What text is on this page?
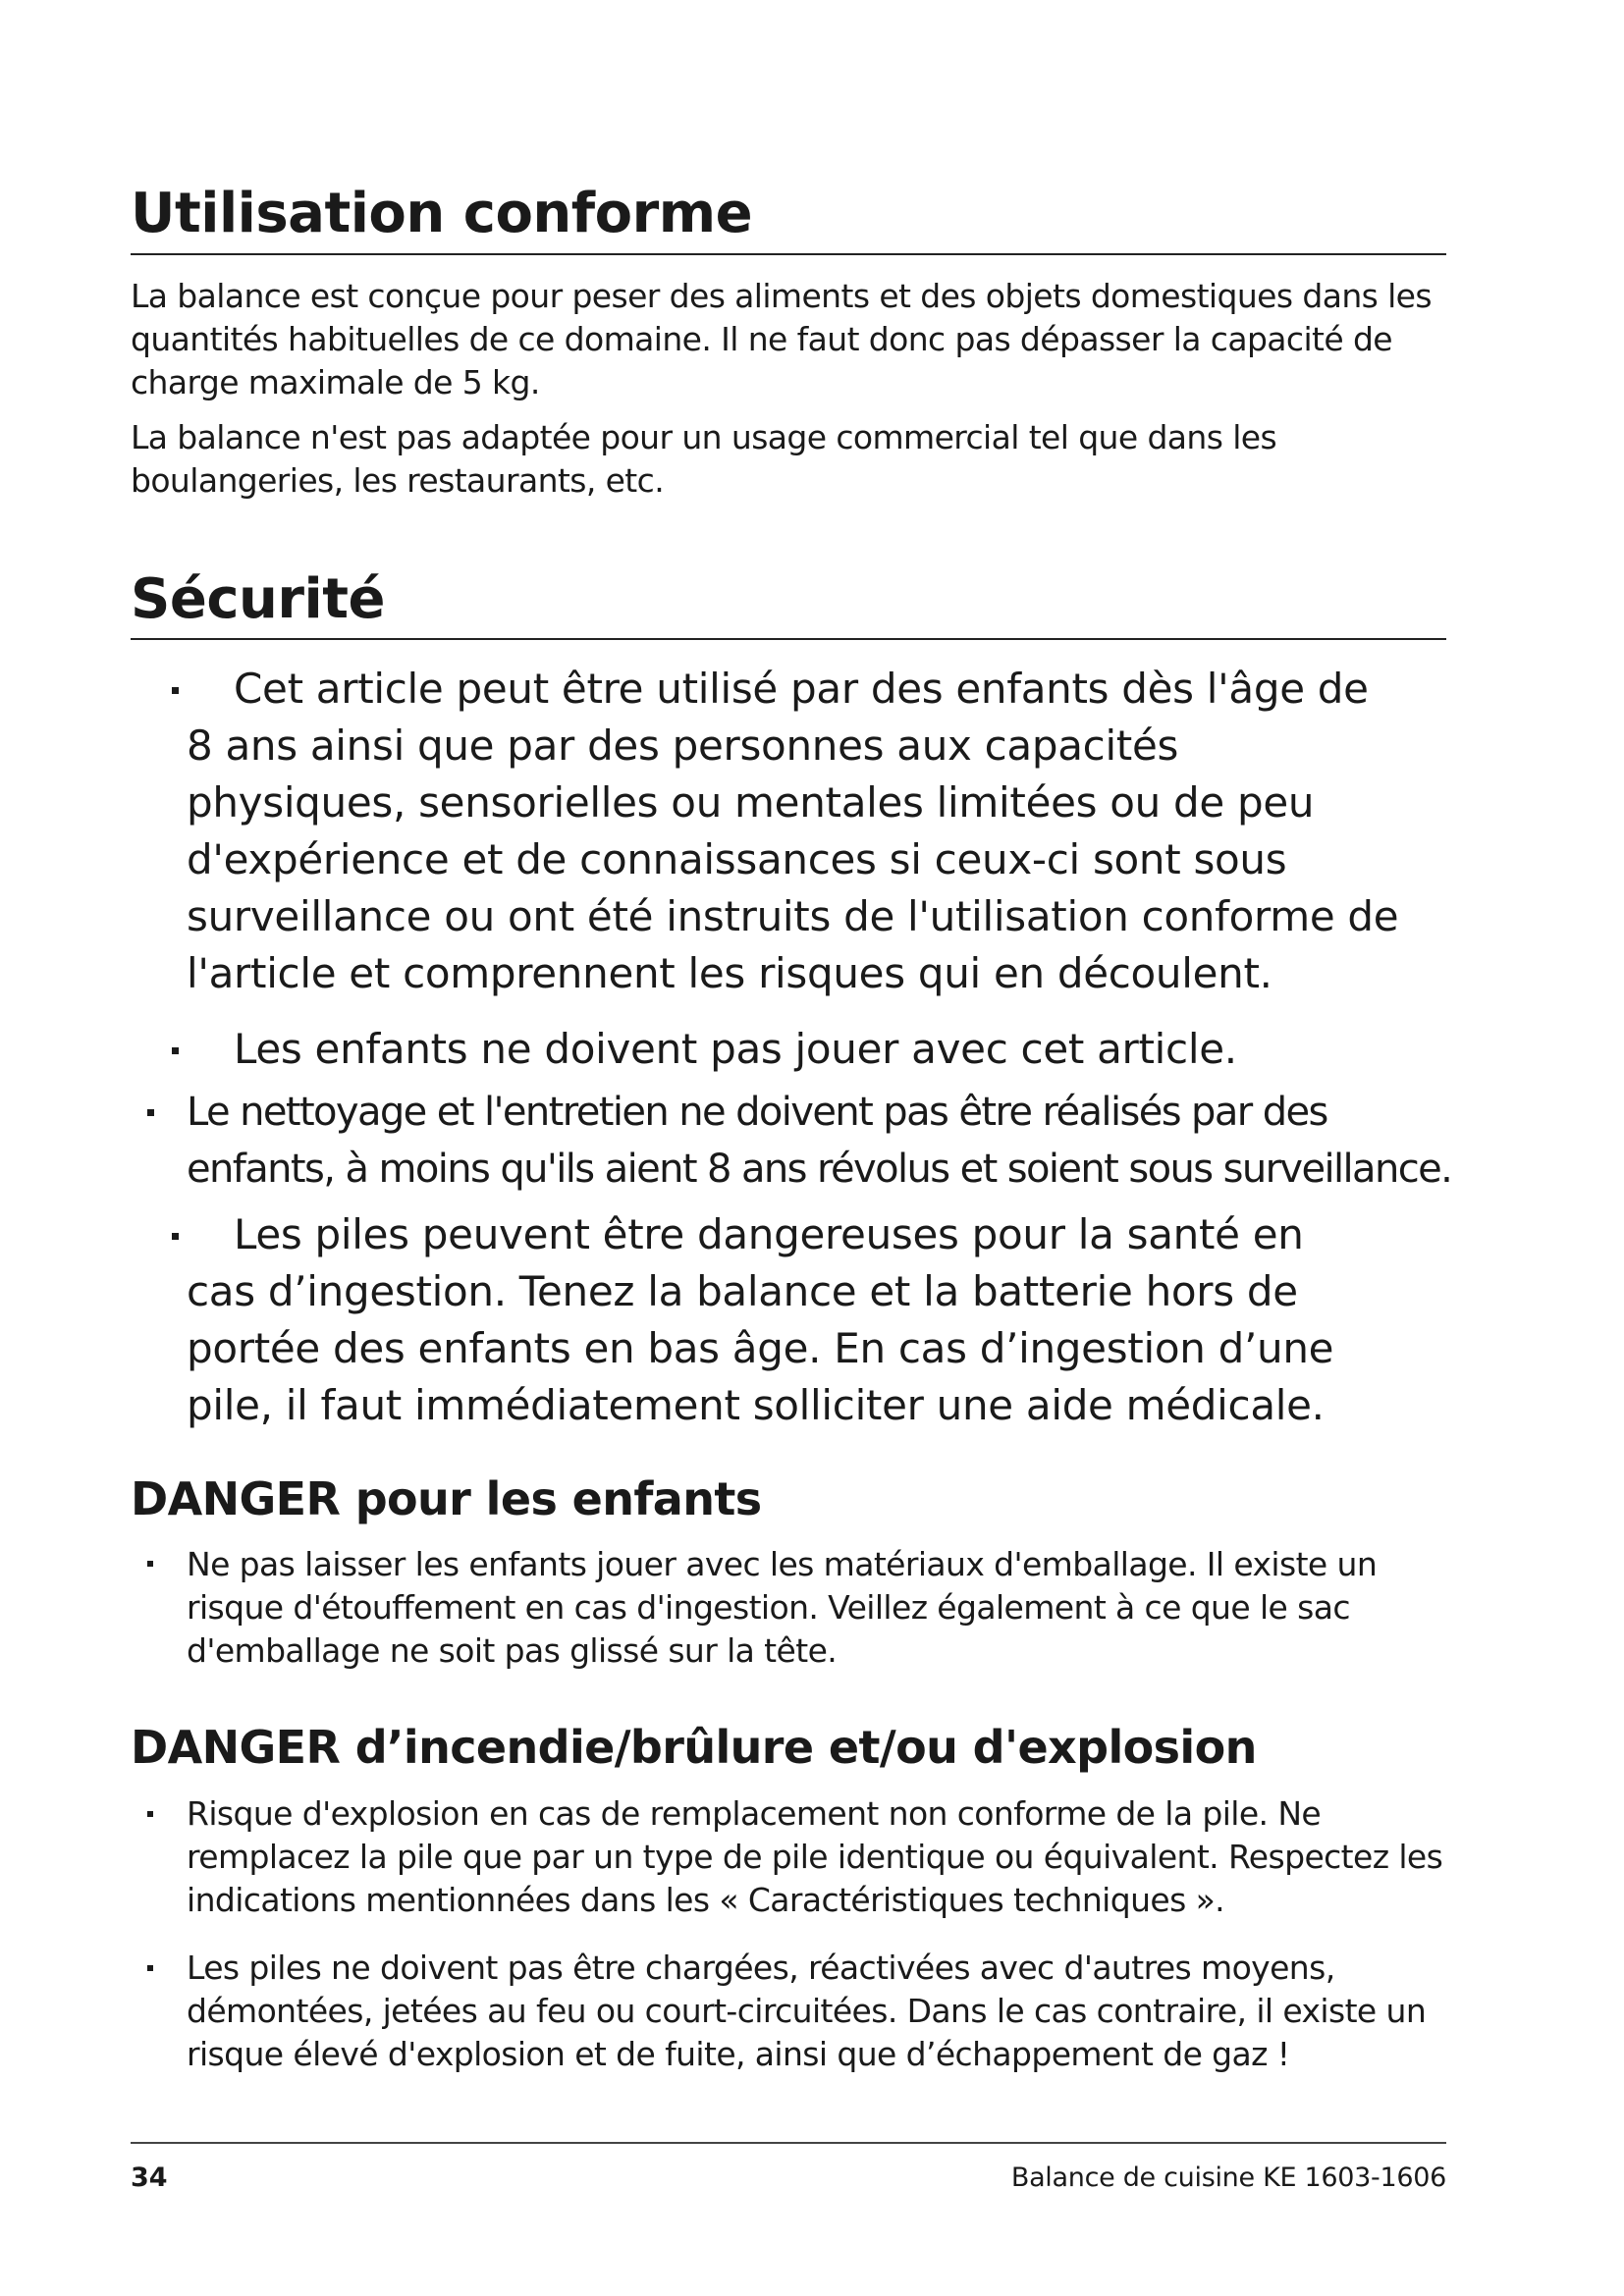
Utilisation conforme

La balance est conçue pour peser des aliments et des objets domestiques dans les quantités habituelles de ce domaine. Il ne faut donc pas dépasser la capacité de charge maximale de 5 kg.

La balance n'est pas adaptée pour un usage commercial tel que dans les boulangeries, les restaurants, etc.

Sécurité

Cet article peut être utilisé par des enfants dès l'âge de 8 ans ainsi que par des personnes aux capacités physiques, sensorielles ou mentales limitées ou de peu d'expérience et de connaissances si ceux-ci sont sous surveillance ou ont été instruits de l'utilisation conforme de l'article et comprennent les risques qui en découlent.

Les enfants ne doivent pas jouer avec cet article.

Le nettoyage et l'entretien ne doivent pas être réalisés par des enfants, à moins qu'ils aient 8 ans révolus et soient sous surveillance.

Les piles peuvent être dangereuses pour la santé en cas d’ingestion. Tenez la balance et la batterie hors de portée des enfants en bas âge. En cas d’ingestion d’une pile, il faut immédiatement solliciter une aide médicale.

DANGER pour les enfants

Ne pas laisser les enfants jouer avec les matériaux d'emballage. Il existe un risque d'étouffement en cas d'ingestion. Veillez également à ce que le sac d'emballage ne soit pas glissé sur la tête.

DANGER d’incendie/brûlure et/ou d'explosion

Risque d'explosion en cas de remplacement non conforme de la pile. Ne remplacez la pile que par un type de pile identique ou équivalent. Respectez les indications mentionnées dans les « Caractéristiques techniques ».

Les piles ne doivent pas être chargées, réactivées avec d'autres moyens, démontées, jetées au feu ou court-circuitées. Dans le cas contraire, il existe un risque élevé d'explosion et de fuite, ainsi que d’échappement de gaz !

34	Balance de cuisine KE 1603-1606
